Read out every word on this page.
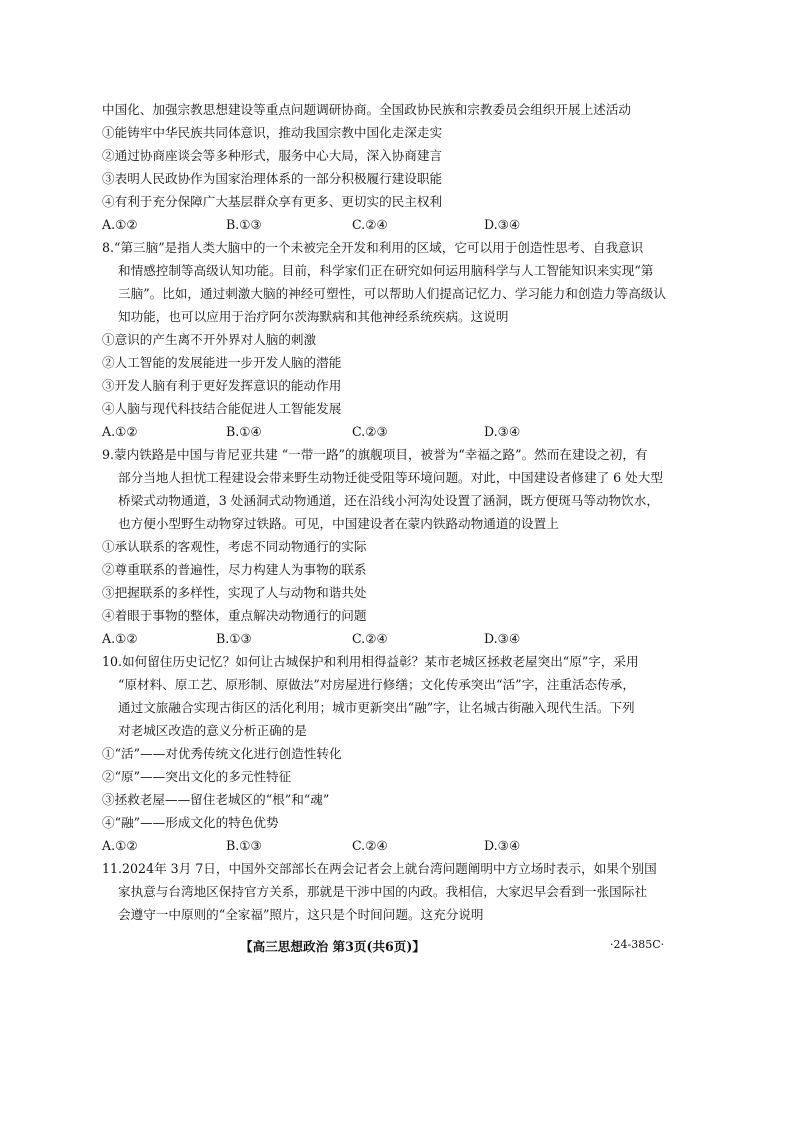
中国化、加强宗教思想建设等重点问题调研协商。全国政协民族和宗教委员会组织开展上述活动
①能铸牢中华民族共同体意识，推动我国宗教中国化走深走实
②通过协商座谈会等多种形式，服务中心大局，深入协商建言
③表明人民政协作为国家治理体系的一部分积极履行建设职能
④有利于充分保障广大基层群众享有更多、更切实的民主权利
A.①②	B.①③	C.②④	D.③④
8.“第三脑”是指人类大脑中的一个未被完全开发和利用的区域，它可以用于创造性思考、自我意识
和情感控制等高级认知功能。目前，科学家们正在研究如何运用脑科学与人工智能知识来实现“第
三脑”。比如，通过刺激大脑的神经可塑性，可以帮助人们提高记忆力、学习能力和创造力等高级认
知功能，也可以应用于治疗阿尔茨海默病和其他神经系统疾病。这说明
①意识的产生离不开外界对人脑的刺激
②人工智能的发展能进一步开发人脑的潜能
③开发人脑有利于更好发挥意识的能动作用
④人脑与现代科技结合能促进人工智能发展
A.①②	B.①④	C.②③	D.③④
9.蒙内铁路是中国与肯尼亚共建 “一带一路”的旗舰项目，被誉为“幸福之路”。然而在建设之初，有
部分当地人担忧工程建设会带来野生动物迁徙受阻等环境问题。对此，中国建设者修建了 6 处大型
桥梁式动物通道，3 处涵洞式动物通道，还在沿线小河沟处设置了涵洞，既方便斑马等动物饮水，
也方便小型野生动物穿过铁路。可见，中国建设者在蒙内铁路动物通道的设置上
①承认联系的客观性，考虑不同动物通行的实际
②尊重联系的普遍性，尽力构建人为事物的联系
③把握联系的多样性，实现了人与动物和谐共处
④着眼于事物的整体，重点解决动物通行的问题
A.①②	B.①③	C.②④	D.③④
10.如何留住历史记忆？如何让古城保护和利用相得益彰？某市老城区拯救老屋突出“原”字，采用
“原材料、原工艺、原形制、原做法”对房屋进行修缮；文化传承突出“活”字，注重活态传承，
通过文旅融合实现古街区的活化利用；城市更新突出“融”字，让名城古街融入现代生活。下列
对老城区改造的意义分析正确的是
①“活”——对优秀传统文化进行创造性转化
②“原”——突出文化的多元性特征
③拯救老屋——留住老城区的“根”和“魂”
④“融”——形成文化的特色优势
A.①②	B.①③	C.②④	D.③④
11.2024年 3月 7日，中国外交部部长在两会记者会上就台湾问题阐明中方立场时表示，如果个别国
家执意与台湾地区保持官方关系，那就是干涉中国的内政。我相信，大家迟早会看到一张国际社
会遵守一中原则的“全家福”照片，这只是个时间问题。这充分说明
【高三思想政治 第3页(共6页)】	·24-385C·
